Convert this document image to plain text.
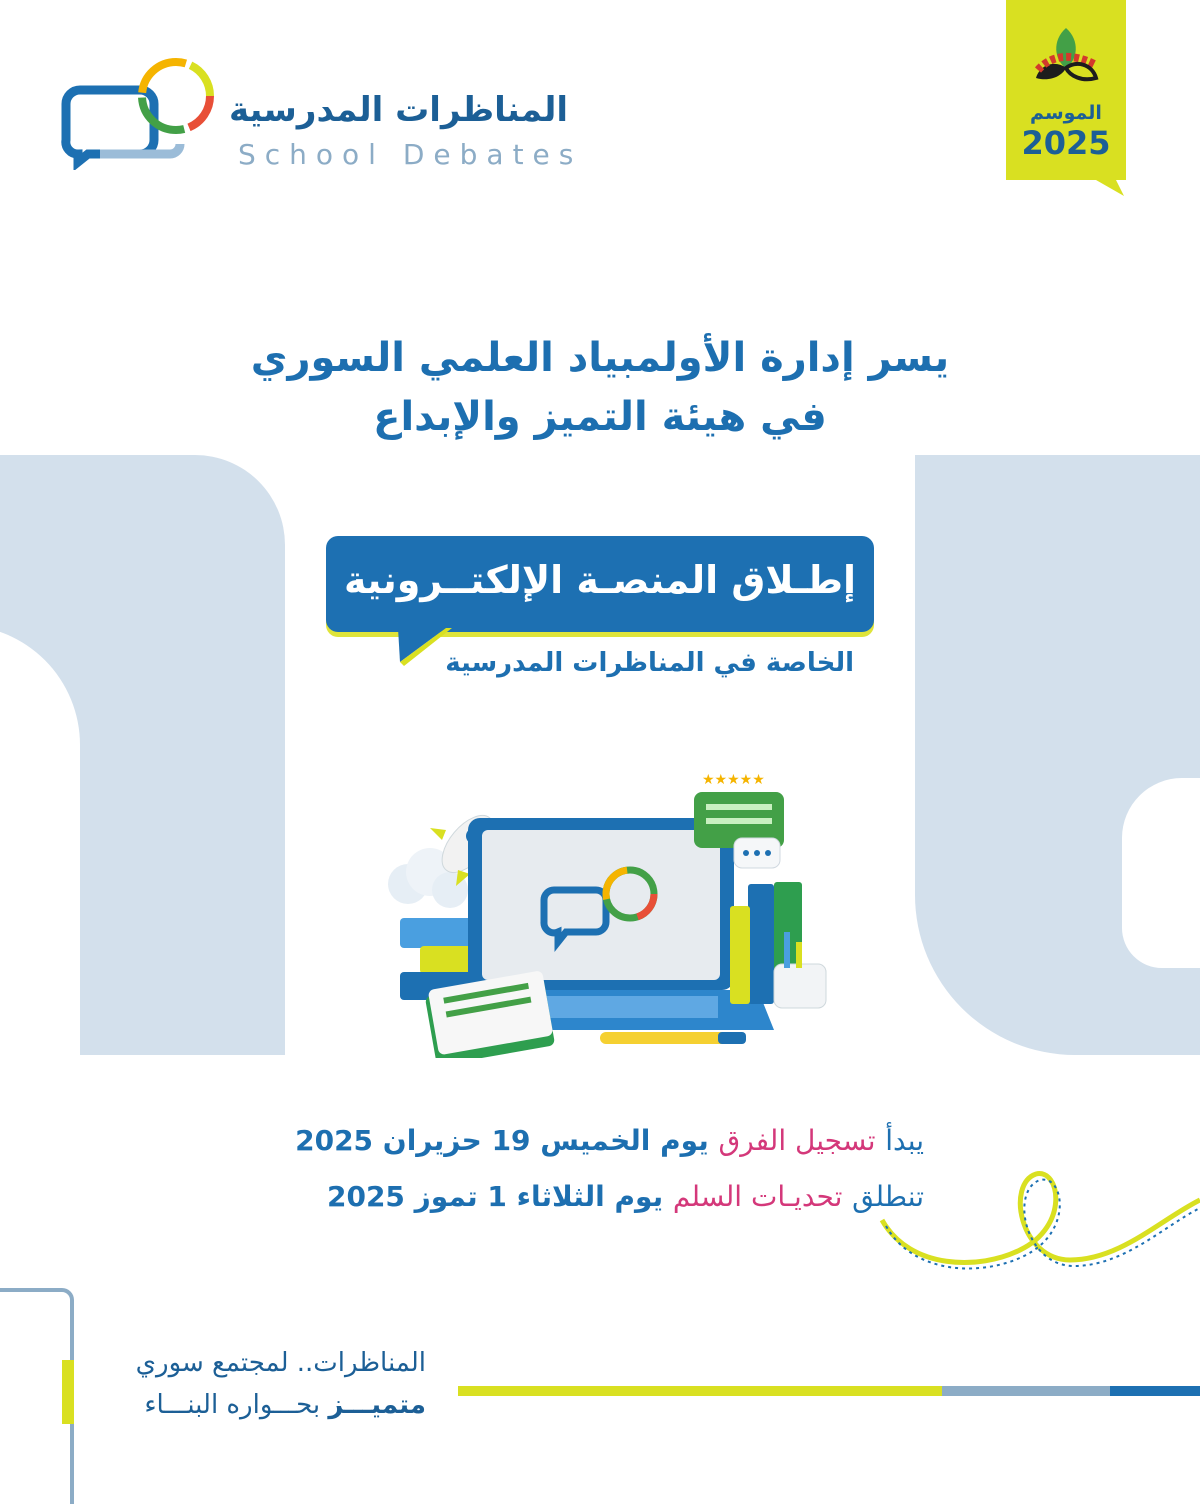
المناظرات المدرسية
School Debates
الموسم
2025
يسر إدارة الأولمبياد العلمي السوري
في هيئة التميز والإبداع
إطـلاق المنصـة الإلكتــرونية
الخاصة في المناظرات المدرسية
★★★★★
يبدأ تسجيل الفرق يوم الخميس 19 حزيران 2025
تنطلق تحديـات السلم يوم الثلاثاء 1 تموز 2025
المناظرات.. لمجتمع سوري
متميـــز بحـــواره البنـــاء
